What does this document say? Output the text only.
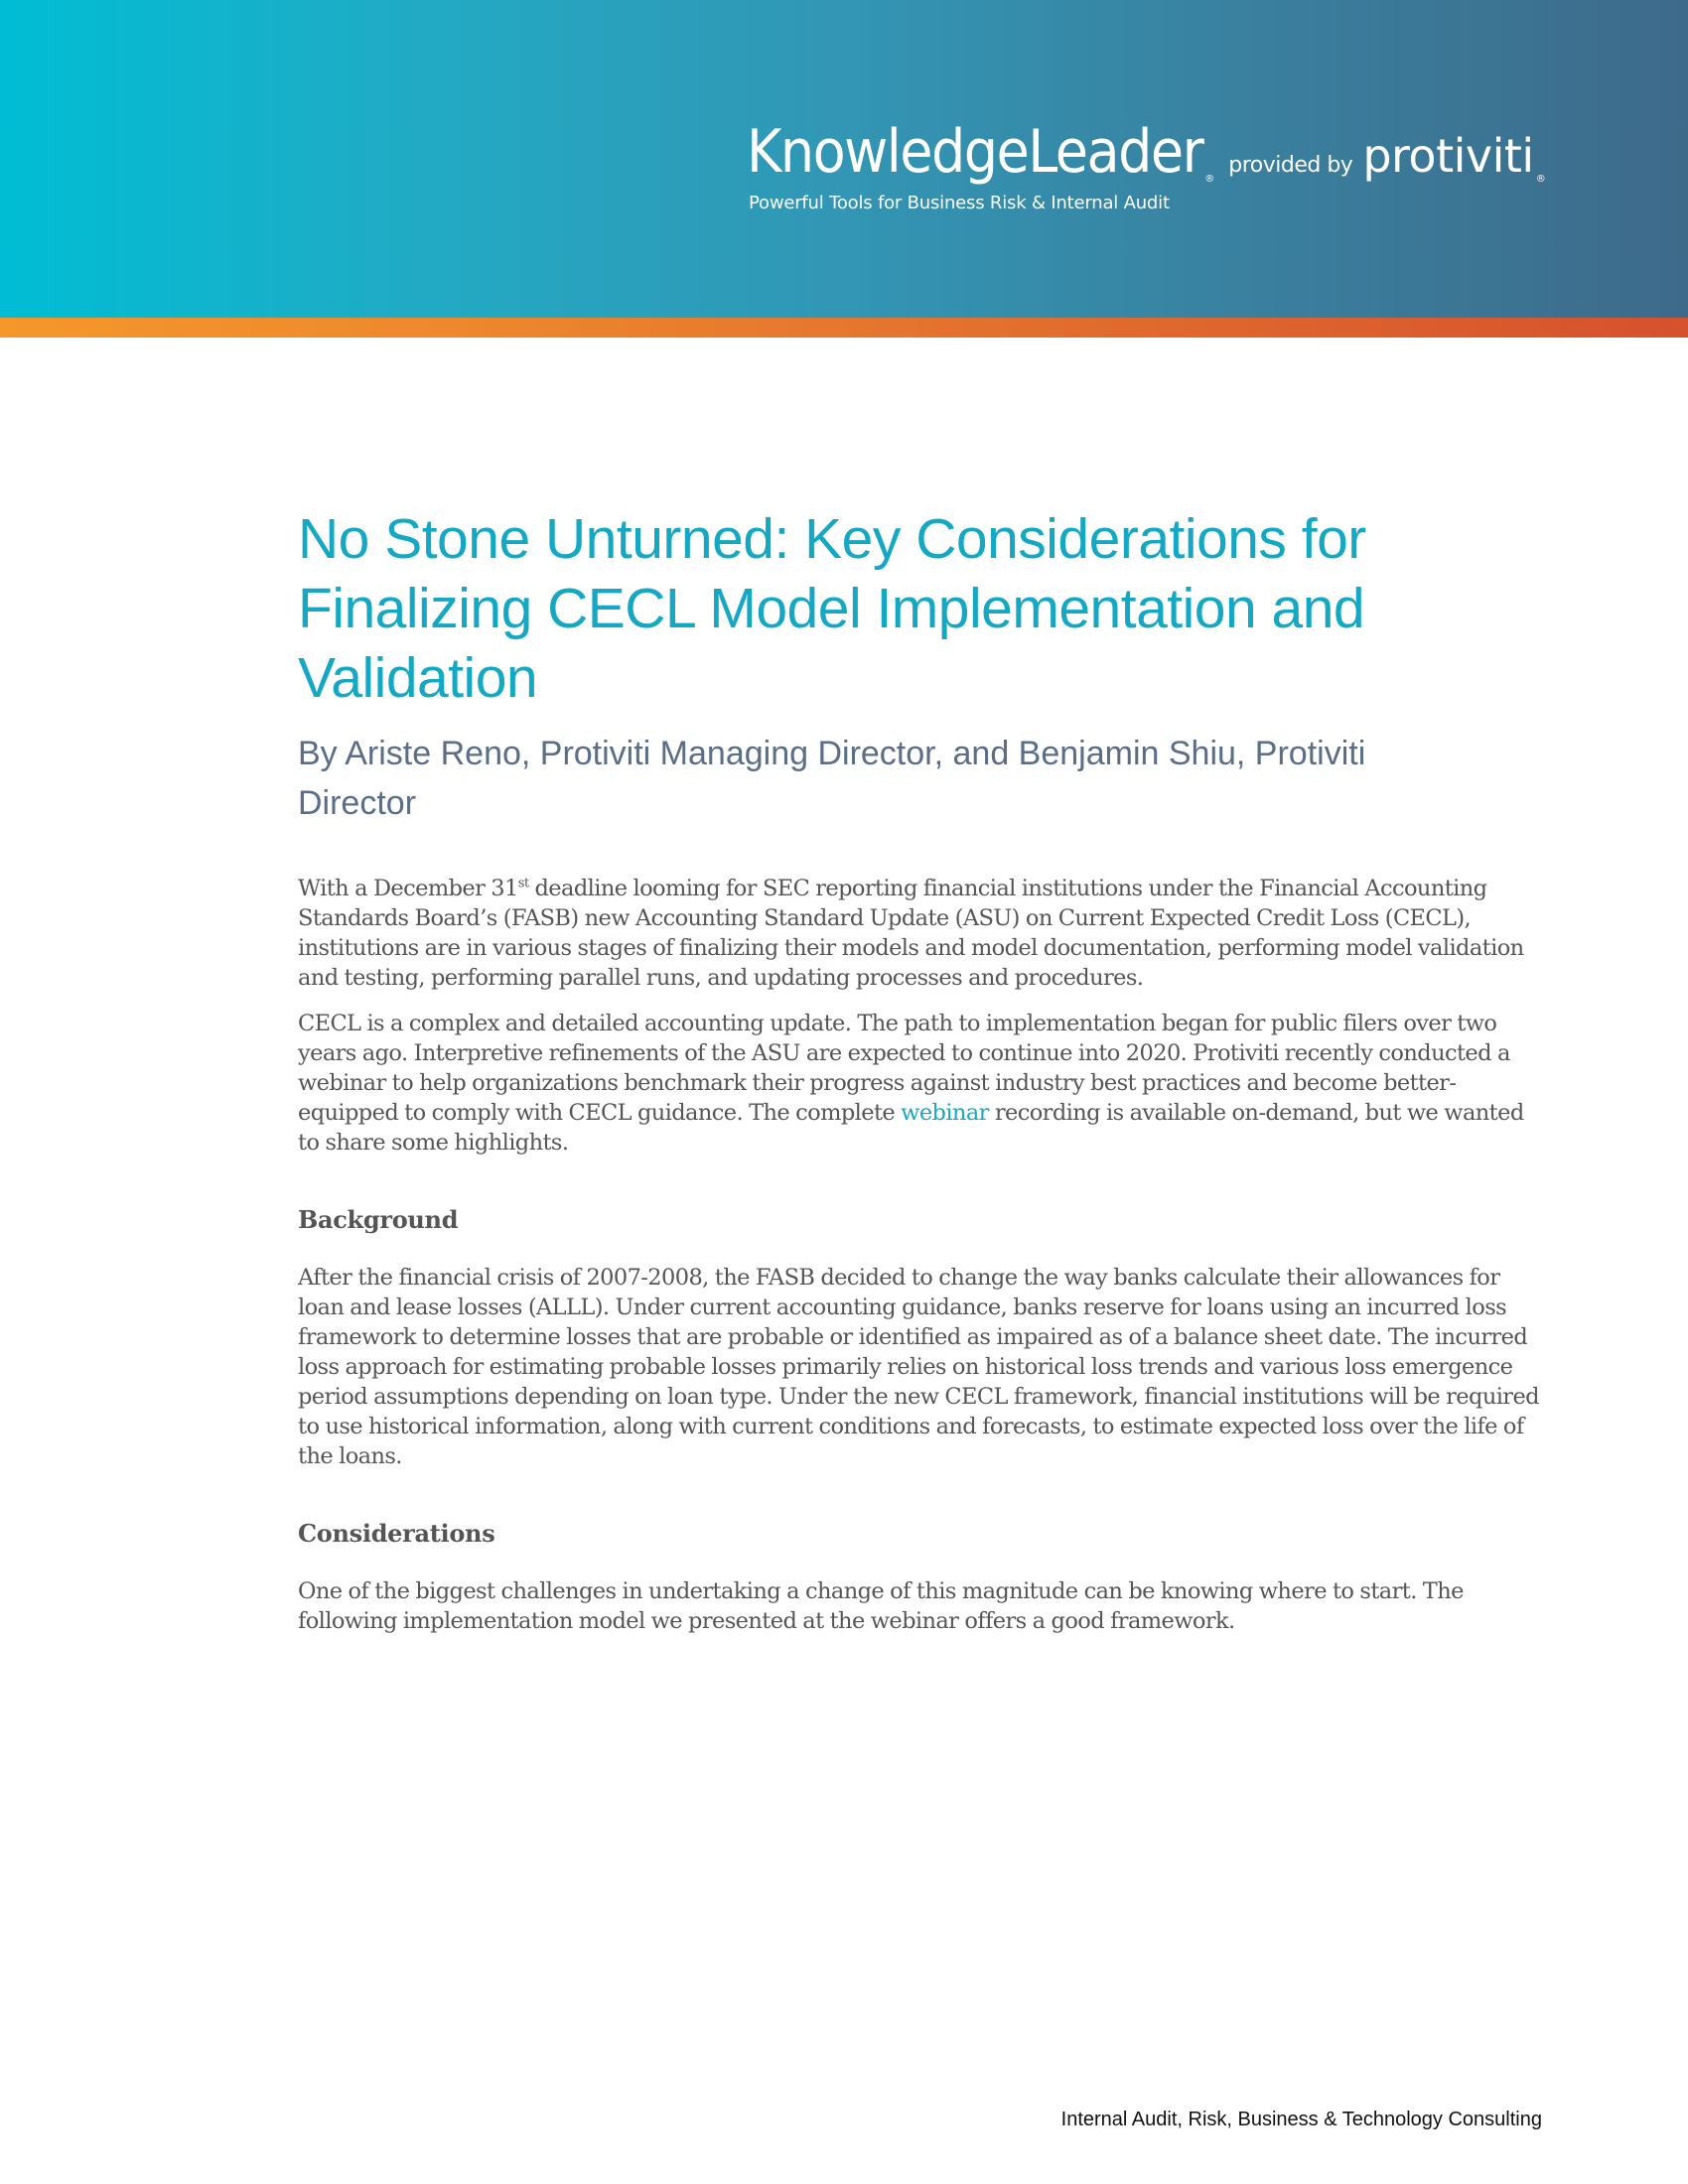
KnowledgeLeader ®
provided by protiviti ®
Powerful Tools for Business Risk & Internal Audit
No Stone Unturned: Key Considerations for Finalizing CECL Model Implementation and Validation
By Ariste Reno, Protiviti Managing Director, and Benjamin Shiu, Protiviti Director

With a December 31st deadline looming for SEC reporting financial institutions under the Financial Accounting Standards Board’s (FASB) new Accounting Standard Update (ASU) on Current Expected Credit Loss (CECL), institutions are in various stages of finalizing their models and model documentation, performing model validation and testing, performing parallel runs, and updating processes and procedures.

CECL is a complex and detailed accounting update. The path to implementation began for public filers over two years ago. Interpretive refinements of the ASU are expected to continue into 2020. Protiviti recently conducted a webinar to help organizations benchmark their progress against industry best practices and become better-equipped to comply with CECL guidance. The complete webinar recording is available on-demand, but we wanted to share some highlights.

Background

After the financial crisis of 2007-2008, the FASB decided to change the way banks calculate their allowances for loan and lease losses (ALLL). Under current accounting guidance, banks reserve for loans using an incurred loss framework to determine losses that are probable or identified as impaired as of a balance sheet date. The incurred loss approach for estimating probable losses primarily relies on historical loss trends and various loss emergence period assumptions depending on loan type. Under the new CECL framework, financial institutions will be required to use historical information, along with current conditions and forecasts, to estimate expected loss over the life of the loans.

Considerations

One of the biggest challenges in undertaking a change of this magnitude can be knowing where to start. The following implementation model we presented at the webinar offers a good framework.

Internal Audit, Risk, Business & Technology Consulting
